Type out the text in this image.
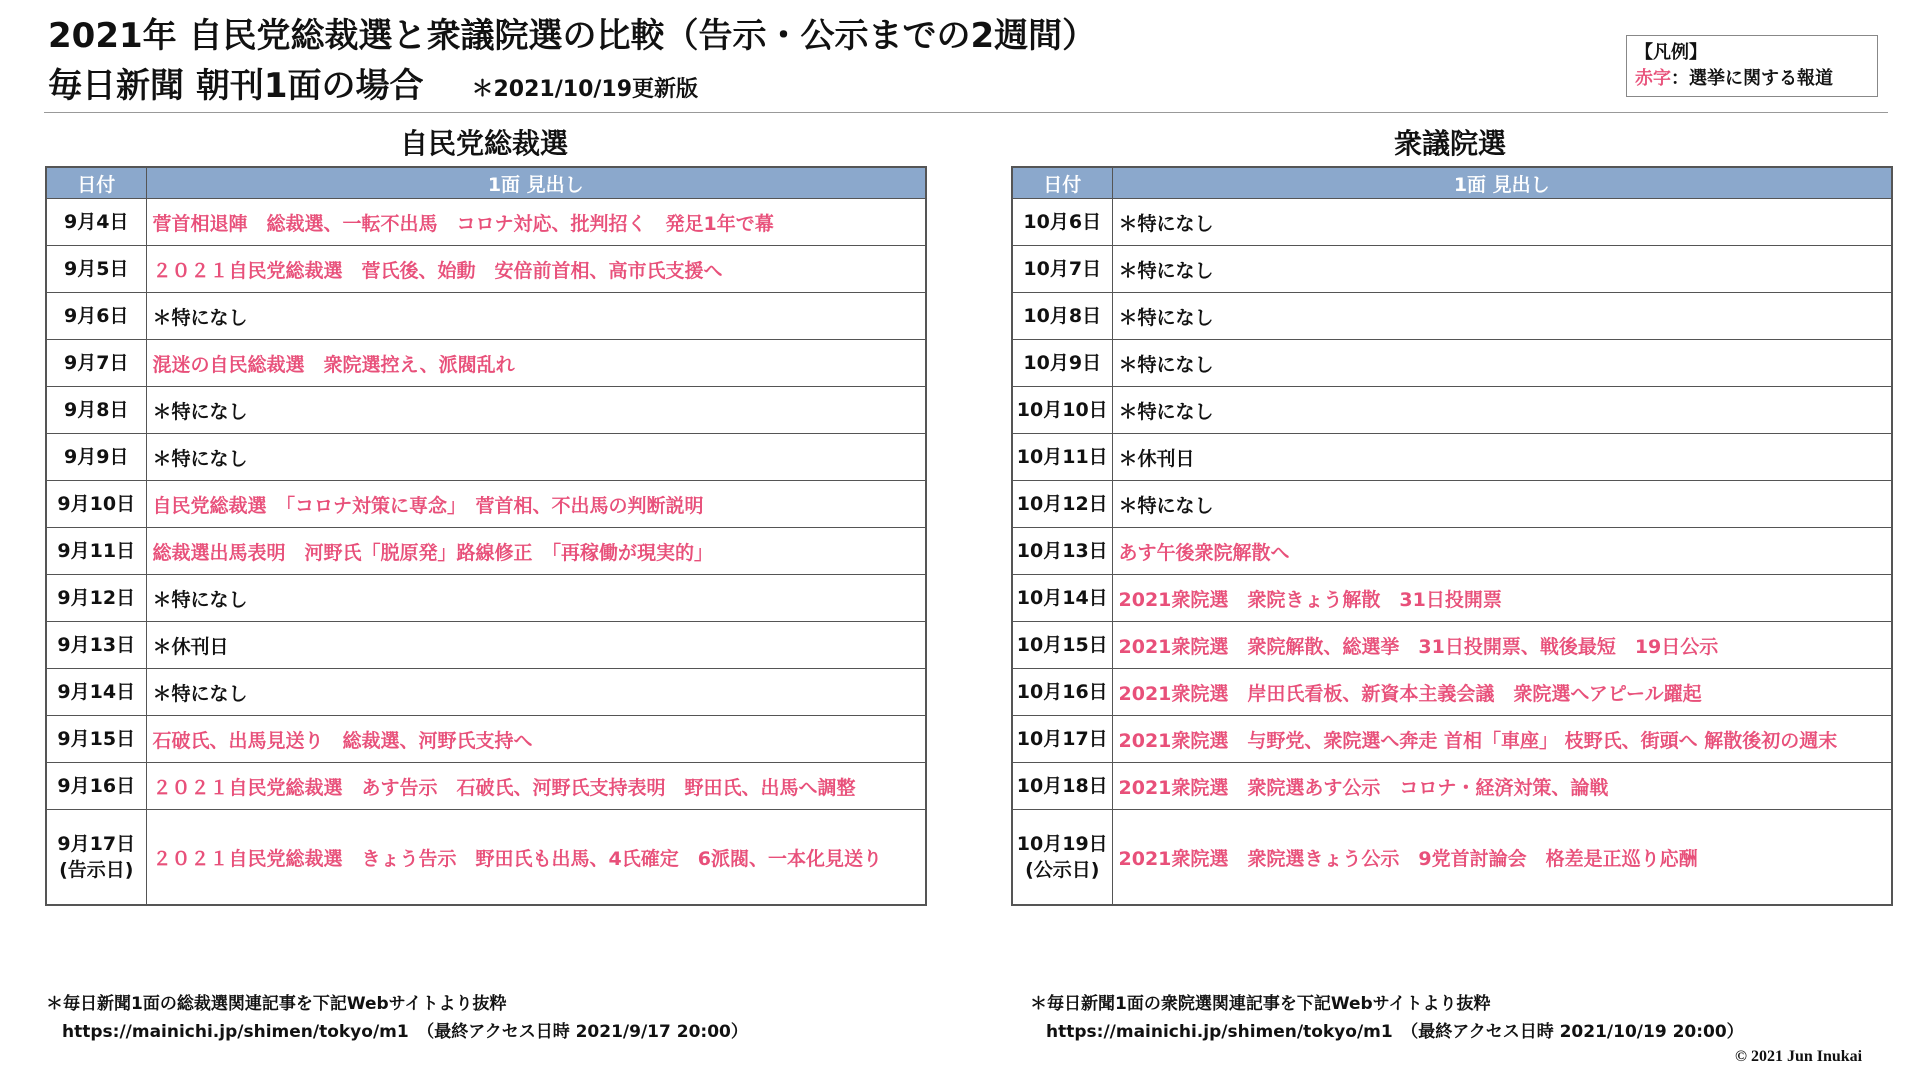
2021年 自民党総裁選と衆議院選の比較（告示・公示までの2週間）
毎日新聞 朝刊1面の場合 ＊2021/10/19更新版
【凡例】
赤字：選挙に関する報道
自民党総裁選	衆議院選
日付	1面 見出し

9月4日	菅首相退陣　総裁選、一転不出馬　コロナ対応、批判招く　発足1年で幕

9月5日	２０２１自民党総裁選　菅氏後、始動　安倍前首相、高市氏支援へ

9月6日	＊特になし

9月7日	混迷の自民総裁選　衆院選控え、派閥乱れ

9月8日	＊特になし

9月9日	＊特になし

9月10日	自民党総裁選　「コロナ対策に専念」　菅首相、不出馬の判断説明

9月11日	総裁選出馬表明　河野氏「脱原発」路線修正　「再稼働が現実的」

9月12日	＊特になし

9月13日	＊休刊日

9月14日	＊特になし

9月15日	石破氏、出馬見送り　総裁選、河野氏支持へ

9月16日	２０２１自民党総裁選　あす告示　石破氏、河野氏支持表明　野田氏、出馬へ調整

9月17日
(告示日)	２０２１自民党総裁選　きょう告示　野田氏も出馬、4氏確定　6派閥、一本化見送り
日付	1面 見出し

10月6日	＊特になし

10月7日	＊特になし

10月8日	＊特になし

10月9日	＊特になし

10月10日	＊特になし

10月11日	＊休刊日

10月12日	＊特になし

10月13日	あす午後衆院解散へ

10月14日	2021衆院選　衆院きょう解散　31日投開票

10月15日	2021衆院選　衆院解散、総選挙　31日投開票、戦後最短　19日公示

10月16日	2021衆院選　岸田氏看板、新資本主義会議　衆院選へアピール躍起

10月17日	2021衆院選　与野党、衆院選へ奔走 首相「車座」 枝野氏、街頭へ 解散後初の週末

10月18日	2021衆院選　衆院選あす公示　コロナ・経済対策、論戦

10月19日
(公示日)	2021衆院選　衆院選きょう公示　9党首討論会　格差是正巡り応酬
＊毎日新聞1面の総裁選関連記事を下記Webサイトより抜粋
https://mainichi.jp/shimen/tokyo/m1　（最終アクセス日時 2021/9/17 20:00）
＊毎日新聞1面の衆院選関連記事を下記Webサイトより抜粋
https://mainichi.jp/shimen/tokyo/m1　（最終アクセス日時 2021/10/19 20:00）
© 2021 Jun Inukai
